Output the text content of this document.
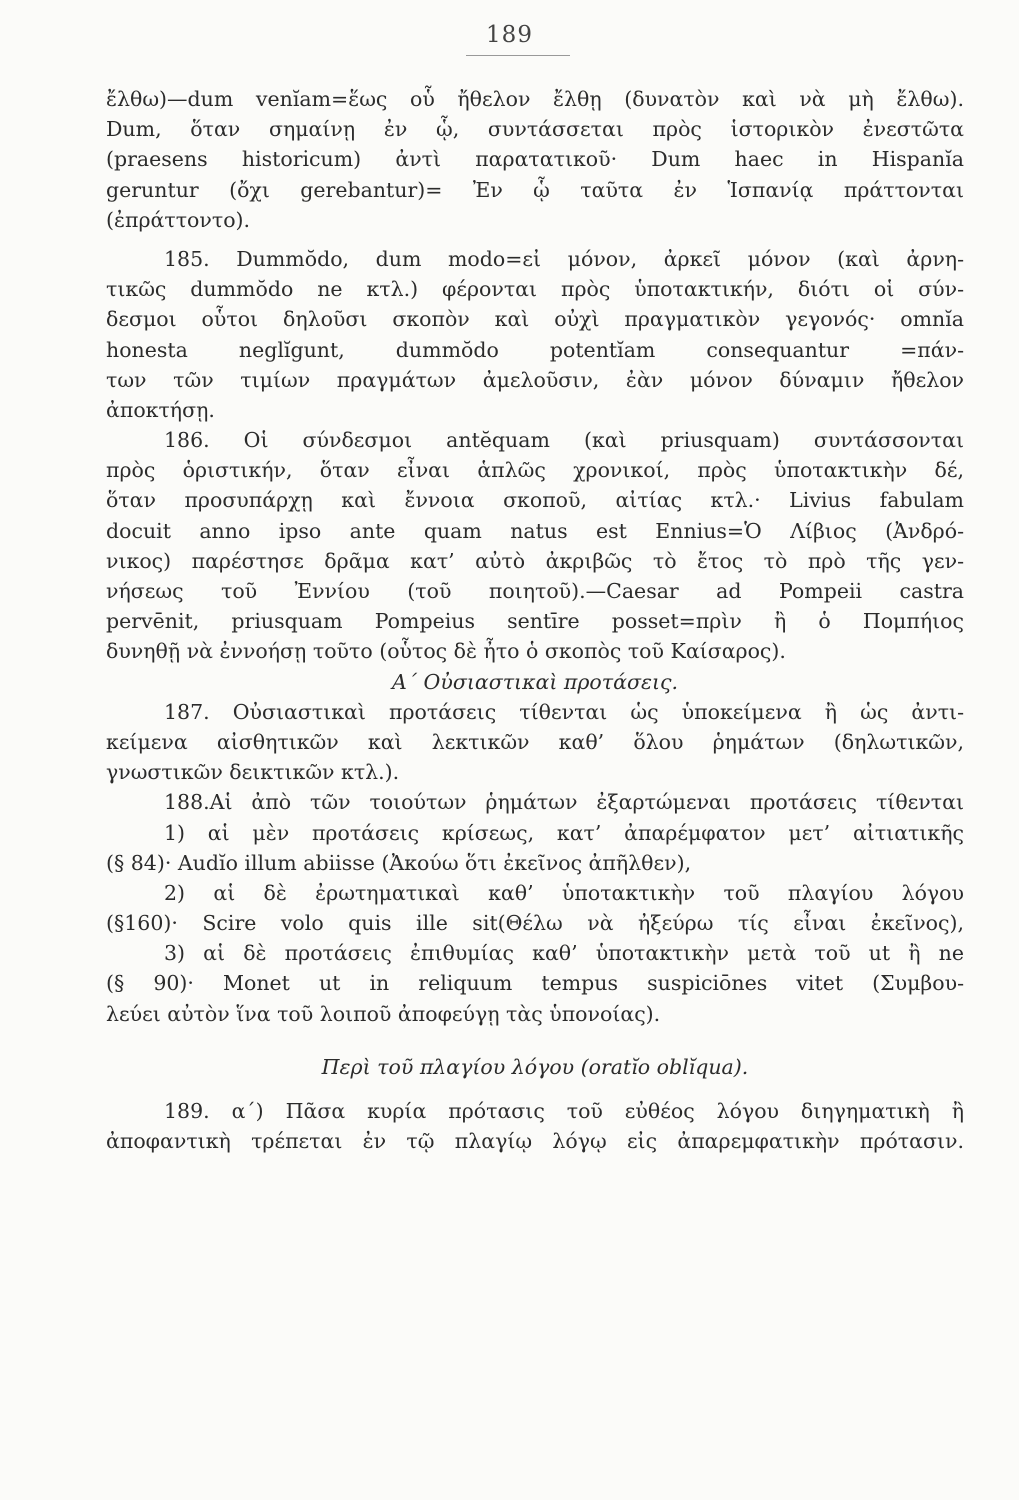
189
ἔλθω)—dum venĭam=ἕως οὗ ἤθελον ἔλθῃ (δυνατὸν καὶ νὰ μὴ ἔλθω).
Dum, ὅταν σημαίνῃ ἐν ᾧ, συντάσσεται πρὸς ἱστορικὸν ἐνεστῶτα
(praesens histori̇cum) ἀντὶ παρατατικοῦ· Dum haec in Hispanĭa
geruntur (ὄχι gerebantur)= Ἐν ᾧ ταῦτα ἐν Ἱσπανίᾳ πράττονται
(ἐπράττοντο).
185. Dummŏdo, dum modo=εἰ μόνον, ἀρκεῖ μόνον (καὶ ἀρνη-
τικῶς dummŏdo ne κτλ.) φέρονται πρὸς ὑποτακτικήν, διότι οἱ σύν-
δεσμοι οὗτοι δηλοῦσι σκοπὸν καὶ οὐχὶ πραγματικὸν γεγονός· omnĭa
honesta neglĭgunt, dummŏdo potentĭam consequantur =πάν-
των τῶν τιμίων πραγμάτων ἀμελοῦσιν, ἐὰν μόνον δύναμιν ἤθελον
ἀποκτήσῃ.
186. Οἱ σύνδεσμοι antĕquam (καὶ priusquam) συντάσσονται
πρὸς ὁριστικήν, ὅταν εἶναι ἁπλῶς χρονικοί, πρὸς ὑποτακτικὴν δέ,
ὅταν προσυπάρχῃ καὶ ἔννοια σκοποῦ, αἰτίας κτλ.· Livius fabulam
docuit anno ipso ante quam natus est Ennius=Ὁ Λίβιος (Ἀνδρό-
νικος) παρέστησε δρᾶμα κατ’ αὐτὸ ἀκριβῶς τὸ ἔτος τὸ πρὸ τῆς γεν-
νήσεως τοῦ Ἐννίου (τοῦ ποιητοῦ).—Caesar ad Pompeii castra
pervēnit, priusquam Pompeius sentīre posset=πρὶν ἢ ὁ Πομπήιος
δυνηθῇ νὰ ἐννοήσῃ τοῦτο (οὗτος δὲ ἦτο ὁ σκοπὸς τοῦ Καίσαρος).
Α΄ Οὐσιαστικαὶ προτάσεις.
187. Οὐσιαστικαὶ προτάσεις τίθενται ὡς ὑποκείμενα ἢ ὡς ἀντι-
κείμενα αἰσθητικῶν καὶ λεκτικῶν καθ’ ὅλου ῥημάτων (δηλωτικῶν,
γνωστικῶν δεικτικῶν κτλ.).
188.Αἱ ἀπὸ τῶν τοιούτων ῥημάτων ἐξαρτώμεναι προτάσεις τίθενται
1) αἱ μὲν προτάσεις κρίσεως, κατ’ ἀπαρέμφατον μετ’ αἰτιατικῆς
(§ 84)· Audĭo illum abiisse (Ἀκούω ὅτι ἐκεῖνος ἀπῆλθεν),
2) αἱ δὲ ἐρωτηματικαὶ καθ’ ὑποτακτικὴν τοῦ πλαγίου λόγου
(§160)· Scire volo quis ille sit(Θέλω νὰ ἠξεύρω τίς εἶναι ἐκεῖνος),
3) αἱ δὲ προτάσεις ἐπιθυμίας καθ’ ὑποτακτικὴν μετὰ τοῦ ut ἢ ne
(§ 90)· Monet ut in reliquum tempus suspiciōnes vitet (Συμβου-
λεύει αὐτὸν ἵνα τοῦ λοιποῦ ἀποφεύγῃ τὰς ὑπονοίας).
Περὶ τοῦ πλαγίου λόγου (oratĭo oblĭqua).
189. α΄) Πᾶσα κυρία πρότασις τοῦ εὐθέος λόγου διηγηματικὴ ἢ
ἀποφαντικὴ τρέπεται ἐν τῷ πλαγίῳ λόγῳ εἰς ἀπαρεμφατικὴν πρότασιν.
